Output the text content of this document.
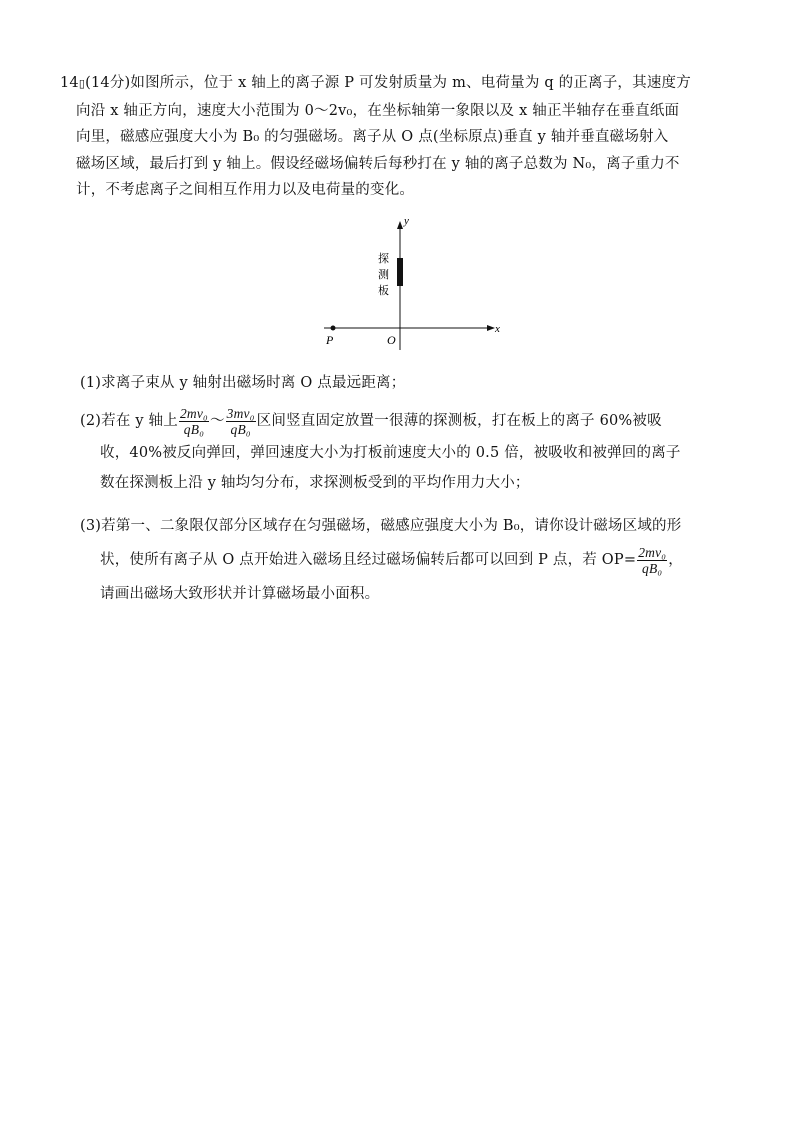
14▯(14分)如图所示，位于 x 轴上的离子源 P 可发射质量为 m、电荷量为 q 的正离子，其速度方
向沿 x 轴正方向，速度大小范围为 0～2v₀，在坐标轴第一象限以及 x 轴正半轴存在垂直纸面
向里，磁感应强度大小为 B₀ 的匀强磁场。离子从 O 点(坐标原点)垂直 y 轴并垂直磁场射入
磁场区域，最后打到 y 轴上。假设经磁场偏转后每秒打在 y 轴的离子总数为 N₀，离子重力不
计，不考虑离子之间相互作用力以及电荷量的变化。
x
y
O
P
探
测
板
(1)求离子束从 y 轴射出磁场时离 O 点最远距离；
(2)若在 y 轴上 $\frac{\text{2mv₀}}{\text{qB₀}}$ ～ $\frac{\text{3mv₀}}{\text{qB₀}}$ 区间竖直固定放置一很薄的探测板，打在板上的离子 60%被吸
收，40%被反向弹回，弹回速度大小为打板前速度大小的 0.5 倍，被吸收和被弹回的离子
数在探测板上沿 y 轴均匀分布，求探测板受到的平均作用力大小；
(3)若第一、二象限仅部分区域存在匀强磁场，磁感应强度大小为 B₀，请你设计磁场区域的形
状，使所有离子从 O 点开始进入磁场且经过磁场偏转后都可以回到 P 点，若 $OP= \frac{\text{2mv₀}}{\text{qB₀}}$ ，
请画出磁场大致形状并计算磁场最小面积。
